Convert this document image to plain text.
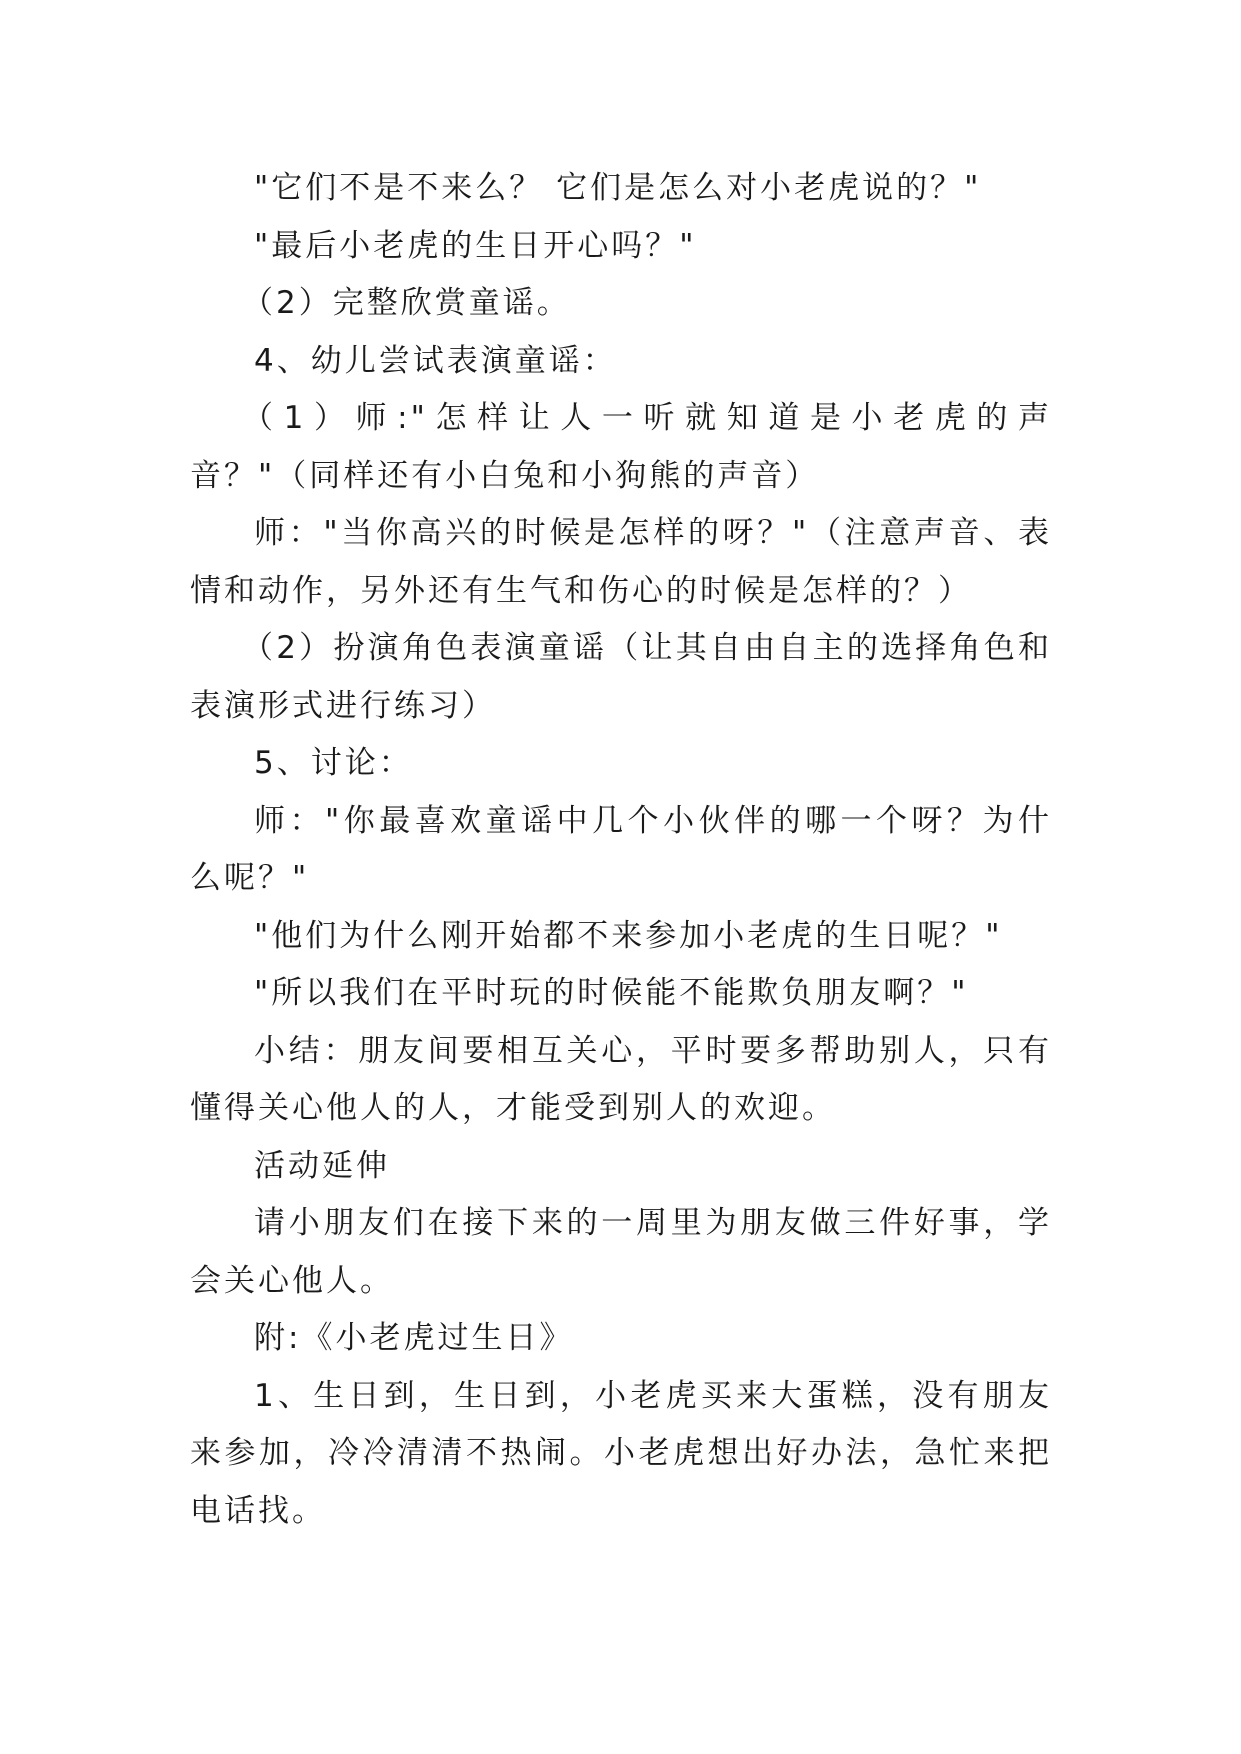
"它们不是不来么？ 它们是怎么对小老虎说的？"

"最后小老虎的生日开心吗？"

（2）完整欣赏童谣。

4、幼儿尝试表演童谣：

（1）师:"怎样让人一听就知道是小老虎的声音？"（同样还有小白兔和小狗熊的声音）

师："当你高兴的时候是怎样的呀？"（注意声音、表情和动作，另外还有生气和伤心的时候是怎样的？）

（2）扮演角色表演童谣（让其自由自主的选择角色和表演形式进行练习）

5、讨论：

师："你最喜欢童谣中几个小伙伴的哪一个呀？为什么呢？"

"他们为什么刚开始都不来参加小老虎的生日呢？"

"所以我们在平时玩的时候能不能欺负朋友啊？"

小结：朋友间要相互关心，平时要多帮助别人，只有懂得关心他人的人，才能受到别人的欢迎。

活动延伸

请小朋友们在接下来的一周里为朋友做三件好事，学会关心他人。

附:《小老虎过生日》

1、生日到，生日到，小老虎买来大蛋糕，没有朋友来参加，冷冷清清不热闹。小老虎想出好办法，急忙来把电话找。
